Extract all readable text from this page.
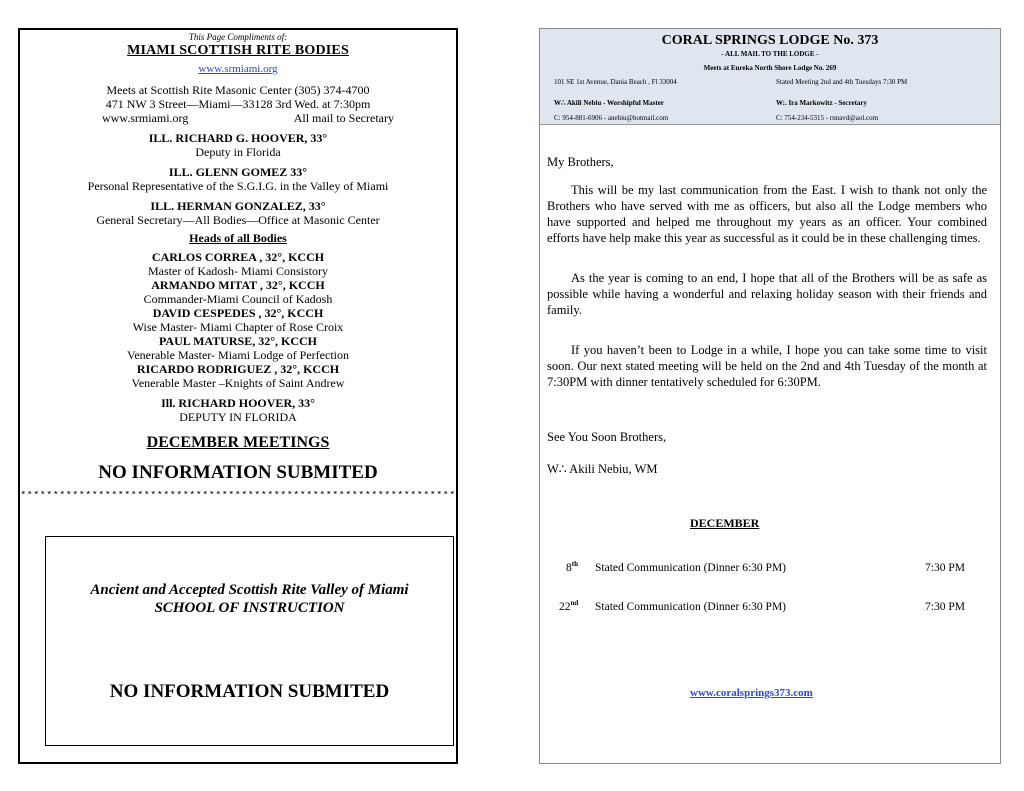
This Page Compliments of:
MIAMI SCOTTISH RITE BODIES
www.srmiami.org
Meets at Scottish Rite Masonic Center (305) 374-4700
471 NW 3 Street—Miami—33128 3rd Wed. at 7:30pm
www.srmiami.org	All mail to Secretary
ILL. RICHARD G. HOOVER, 33°
Deputy in Florida
ILL. GLENN GOMEZ 33°
Personal Representative of the S.G.I.G. in the Valley of Miami
ILL. HERMAN GONZALEZ, 33°
General Secretary—All Bodies—Office at Masonic Center
Heads of all Bodies
CARLOS CORREA , 32°, KCCH
Master of Kadosh- Miami Consistory
ARMANDO MITAT , 32°, KCCH
Commander-Miami Council of Kadosh
DAVID CESPEDES , 32°, KCCH
Wise Master- Miami Chapter of Rose Croix
PAUL MATURSE, 32°, KCCH
Venerable Master- Miami Lodge of Perfection
RICARDO RODRIGUEZ , 32°, KCCH
Venerable Master –Knights of Saint Andrew
Ill. RICHARD HOOVER, 33°
DEPUTY IN FLORIDA
DECEMBER MEETINGS
NO INFORMATION SUBMITED
*******************************************************************
Ancient and Accepted Scottish Rite Valley of Miami
SCHOOL OF INSTRUCTION
NO INFORMATION SUBMITED
CORAL SPRINGS LODGE No. 373
- ALL MAIL TO THE LODGE -
Meets at Eureka North Shore Lodge No. 269
101 SE 1st Avenue, Dania Beach , Fl 33004	Stated Meeting 2nd and 4th Tuesdays 7:30 PM
W∴ Akili Nebiu - Worshipful Master	W:. Ira Markowitz - Secretary
C: 954-881-6906 - anebiu@hotmail.com	C: 754-234-5315 - rnnavd@aol.com
My Brothers,
This will be my last communication from the East. I wish to thank not only the Brothers who have served with me as officers, but also all the Lodge members who have supported and helped me throughout my years as an officer. Your combined efforts have help make this year as successful as it could be in these challenging times.
As the year is coming to an end, I hope that all of the Brothers will be as safe as possible while having a wonderful and relaxing holiday season with their friends and family.
If you haven’t been to Lodge in a while, I hope you can take some time to visit soon. Our next stated meeting will be held on the 2nd and 4th Tuesday of the month at 7:30PM with dinner tentatively scheduled for 6:30PM.
See You Soon Brothers,
W∴ Akili Nebiu, WM
DECEMBER
8th Stated Communication (Dinner 6:30 PM)	7:30 PM
22nd Stated Communication (Dinner 6:30 PM)	7:30 PM
www.coralsprings373.com
